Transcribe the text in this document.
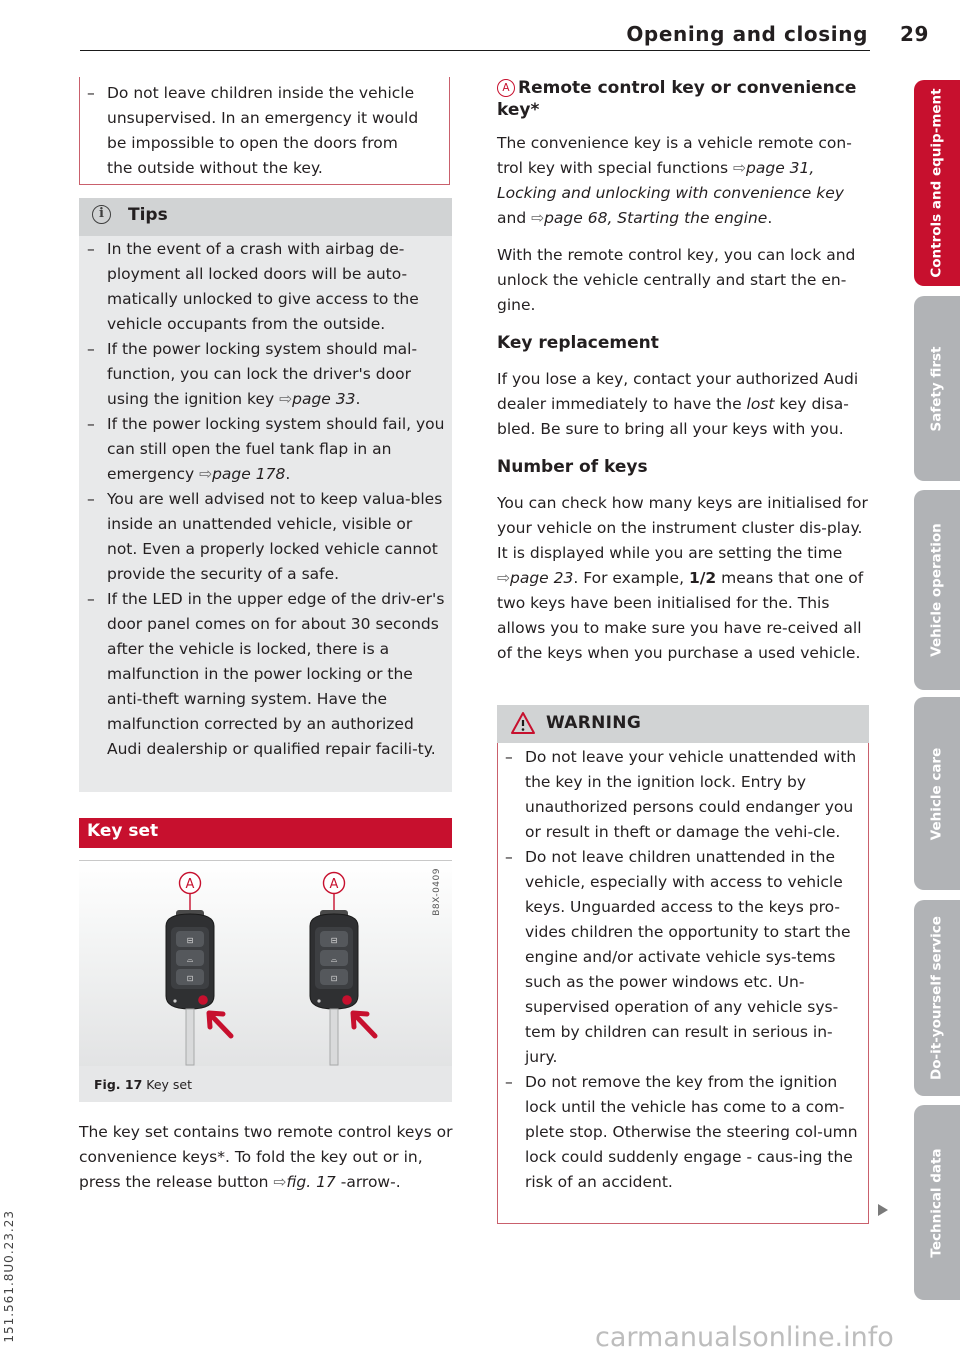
Opening and closing 29
– Do not leave children inside the vehicle unsupervised. In an emergency it would be impossible to open the doors from the outside without the key.
i	Tips
– In the event of a crash with airbag de-ployment all locked doors will be auto-matically unlocked to give access to the vehicle occupants from the outside.
– If the power locking system should mal-function, you can lock the driver's door using the ignition key ⇨page 33.
– If the power locking system should fail, you can still open the fuel tank flap in an emergency ⇨page 178.
– You are well advised not to keep valua-bles inside an unattended vehicle, visible or not. Even a properly locked vehicle cannot provide the security of a safe.
– If the LED in the upper edge of the driv-er's door panel comes on for about 30 seconds after the vehicle is locked, there is a malfunction in the power locking or the anti-theft warning system. Have the malfunction corrected by an authorized Audi dealership or qualified repair facili-ty.
Key set
A
⊟
⌓
⊡
A
⊟
⌓
⊡
B8X-0409
Fig. 17 Key set
The key set contains two remote control keys or convenience keys*. To fold the key out or in, press the release button ⇨fig. 17 -arrow-.
A Remote control key or convenience key*
The convenience key is a vehicle remote con-trol key with special functions ⇨page 31, Locking and unlocking with convenience key and ⇨page 68, Starting the engine.
With the remote control key, you can lock and unlock the vehicle centrally and start the en-gine.
Key replacement
If you lose a key, contact your authorized Audi dealer immediately to have the lost key disa-bled. Be sure to bring all your keys with you.
Number of keys
You can check how many keys are initialised for your vehicle on the instrument cluster dis-play. It is displayed while you are setting the time ⇨page 23. For example, 1/2 means that one of two keys have been initialised for the. This allows you to make sure you have re-ceived all of the keys when you purchase a used vehicle.
WARNING
– Do not leave your vehicle unattended with the key in the ignition lock. Entry by unauthorized persons could endanger you or result in theft or damage the vehi-cle.
– Do not leave children unattended in the vehicle, especially with access to vehicle keys. Unguarded access to the keys pro-vides children the opportunity to start the engine and/or activate vehicle sys-tems such as the power windows etc. Un-supervised operation of any vehicle sys-tem by children can result in serious in-jury.
– Do not remove the key from the ignition lock until the vehicle has come to a com-plete stop. Otherwise the steering col-umn lock could suddenly engage - caus-ing the risk of an accident.
Controls and equip-ment
Safety first
Vehicle operation
Vehicle care
Do-it-yourself service
Technical data
151.561.8U0.23.23	carmanualsonline.info
